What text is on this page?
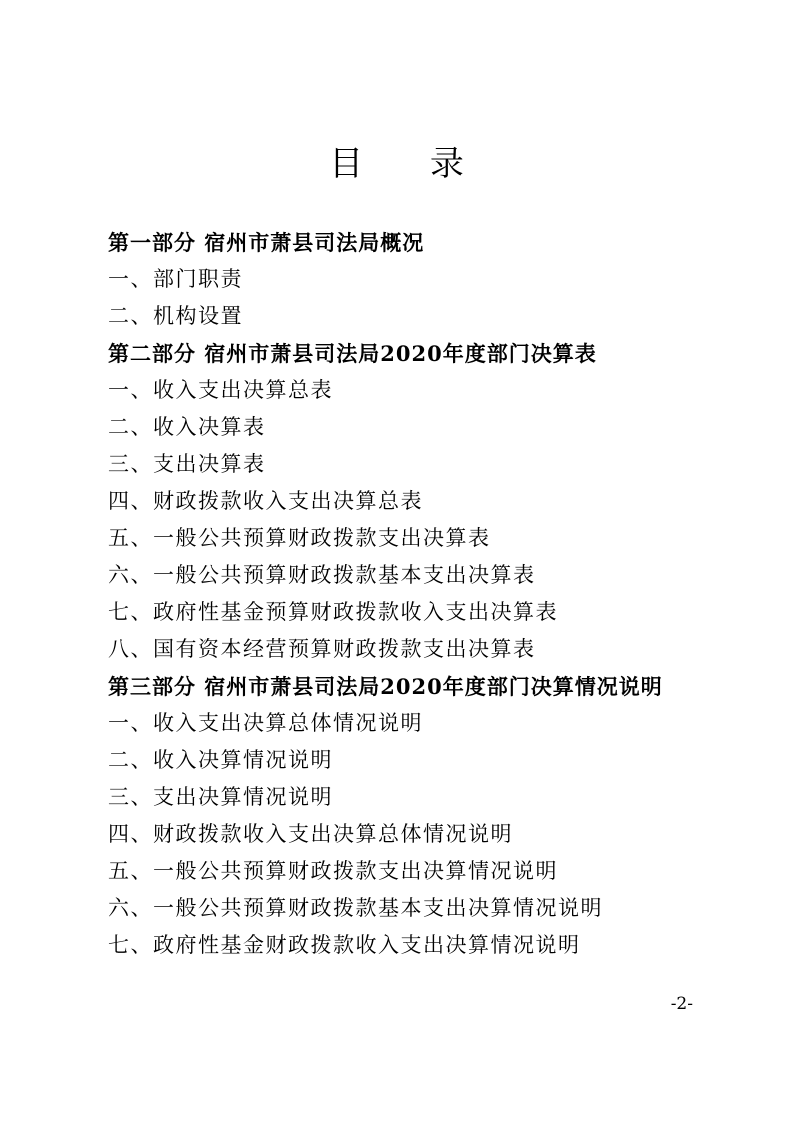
目 录
第一部分 宿州市萧县司法局概况
一、部门职责
二、机构设置
第二部分 宿州市萧县司法局2020年度部门决算表
一、收入支出决算总表
二、收入决算表
三、支出决算表
四、财政拨款收入支出决算总表
五、一般公共预算财政拨款支出决算表
六、一般公共预算财政拨款基本支出决算表
七、政府性基金预算财政拨款收入支出决算表
八、国有资本经营预算财政拨款支出决算表
第三部分 宿州市萧县司法局2020年度部门决算情况说明
一、收入支出决算总体情况说明
二、收入决算情况说明
三、支出决算情况说明
四、财政拨款收入支出决算总体情况说明
五、一般公共预算财政拨款支出决算情况说明
六、一般公共预算财政拨款基本支出决算情况说明
七、政府性基金财政拨款收入支出决算情况说明
-2-
